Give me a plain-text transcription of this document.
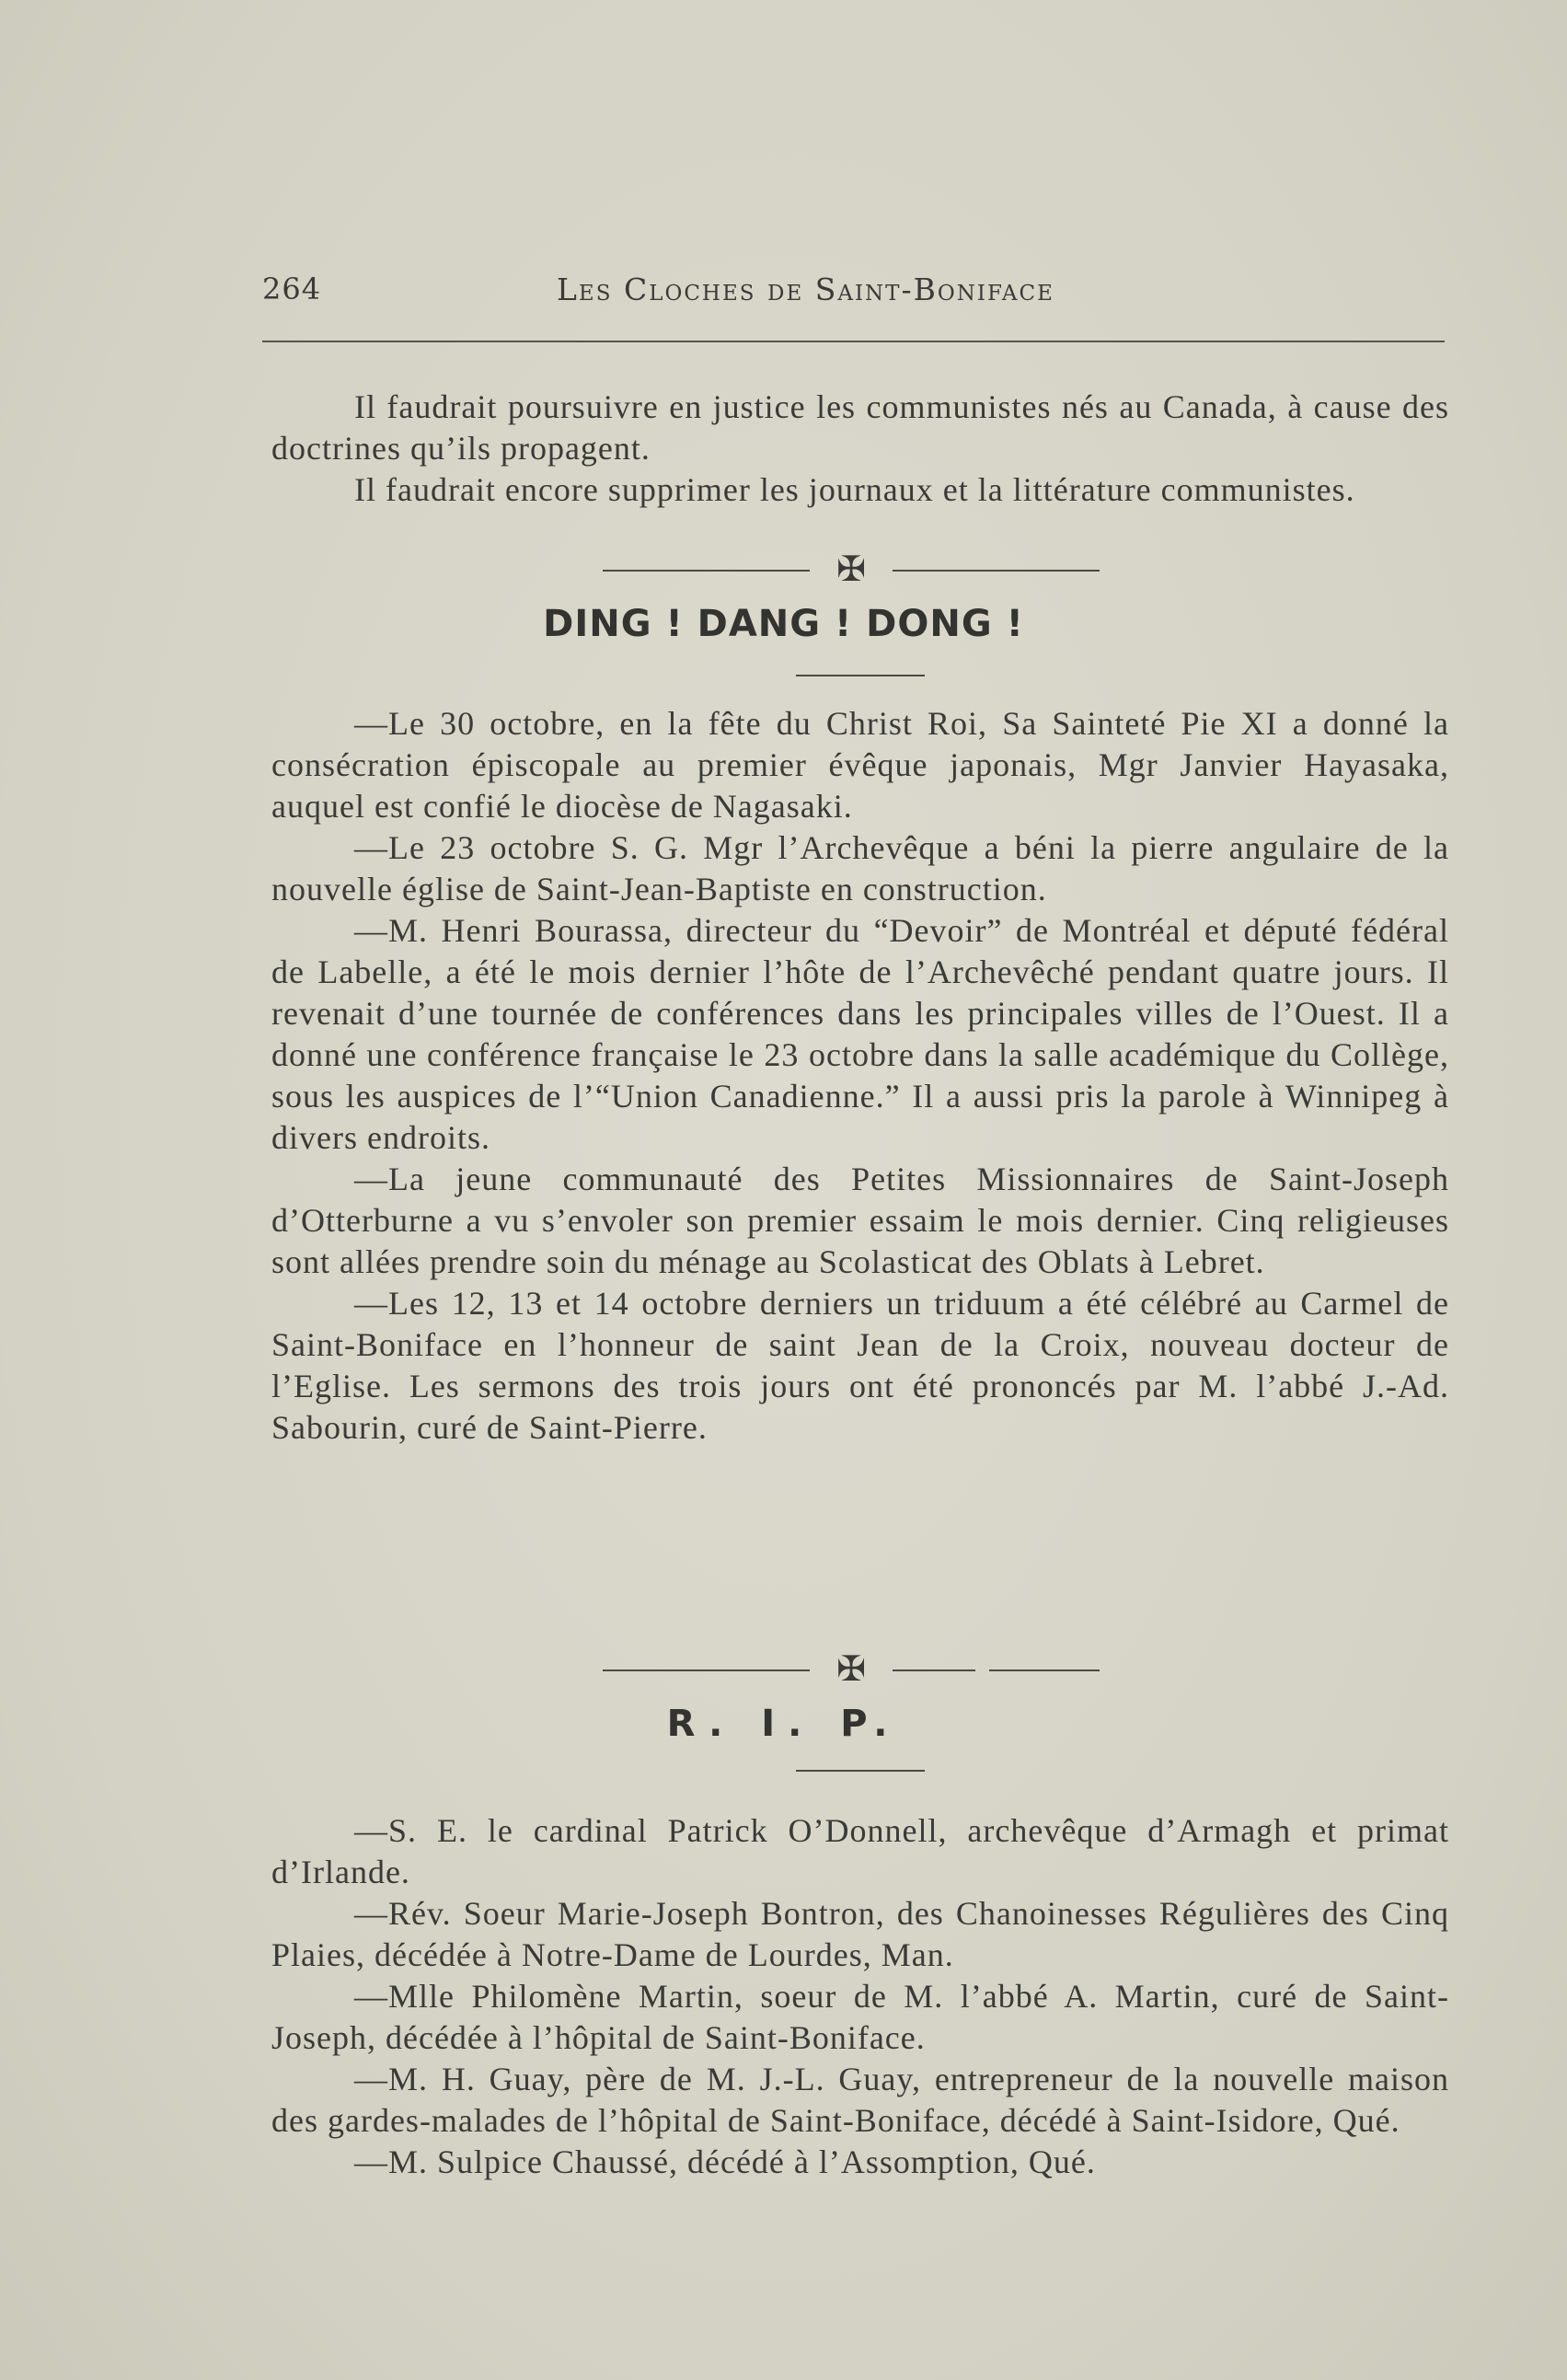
264	Les Cloches de Saint-Boniface

Il faudrait poursuivre en justice les communistes nés au Canada, à cause des doctrines qu’ils propagent.

Il faudrait encore supprimer les journaux et la littérature communistes.

✠
DING ! DANG ! DONG !

—Le 30 octobre, en la fête du Christ Roi, Sa Sainteté Pie XI a donné la consécration épiscopale au premier évêque japonais, Mgr Janvier Hayasaka, auquel est confié le diocèse de Nagasaki.

—Le 23 octobre S. G. Mgr l’Archevêque a béni la pierre angulaire de la nouvelle église de Saint-Jean-Baptiste en construction.

—M. Henri Bourassa, directeur du “Devoir” de Montréal et député fédéral de Labelle, a été le mois dernier l’hôte de l’Archevêché pendant quatre jours. Il revenait d’une tournée de conférences dans les principales villes de l’Ouest. Il a donné une conférence française le 23 octobre dans la salle académique du Collège, sous les auspices de l’“Union Canadienne.” Il a aussi pris la parole à Winnipeg à divers endroits.

—La jeune communauté des Petites Missionnaires de Saint-Joseph d’Otterburne a vu s’envoler son premier essaim le mois dernier. Cinq religieuses sont allées prendre soin du ménage au Scolasticat des Oblats à Lebret.

—Les 12, 13 et 14 octobre derniers un triduum a été célébré au Carmel de Saint-Boniface en l’honneur de saint Jean de la Croix, nouveau docteur de l’Eglise. Les sermons des trois jours ont été prononcés par M. l’abbé J.-Ad. Sabourin, curé de Saint-Pierre.

✠
R. I. P.

—S. E. le cardinal Patrick O’Donnell, archevêque d’Armagh et primat d’Irlande.

—Rév. Soeur Marie-Joseph Bontron, des Chanoinesses Régulières des Cinq Plaies, décédée à Notre-Dame de Lourdes, Man.

—Mlle Philomène Martin, soeur de M. l’abbé A. Martin, curé de Saint-Joseph, décédée à l’hôpital de Saint-Boniface.

—M. H. Guay, père de M. J.-L. Guay, entrepreneur de la nouvelle maison des gardes-malades de l’hôpital de Saint-Boniface, décédé à Saint-Isidore, Qué.

—M. Sulpice Chaussé, décédé à l’Assomption, Qué.
